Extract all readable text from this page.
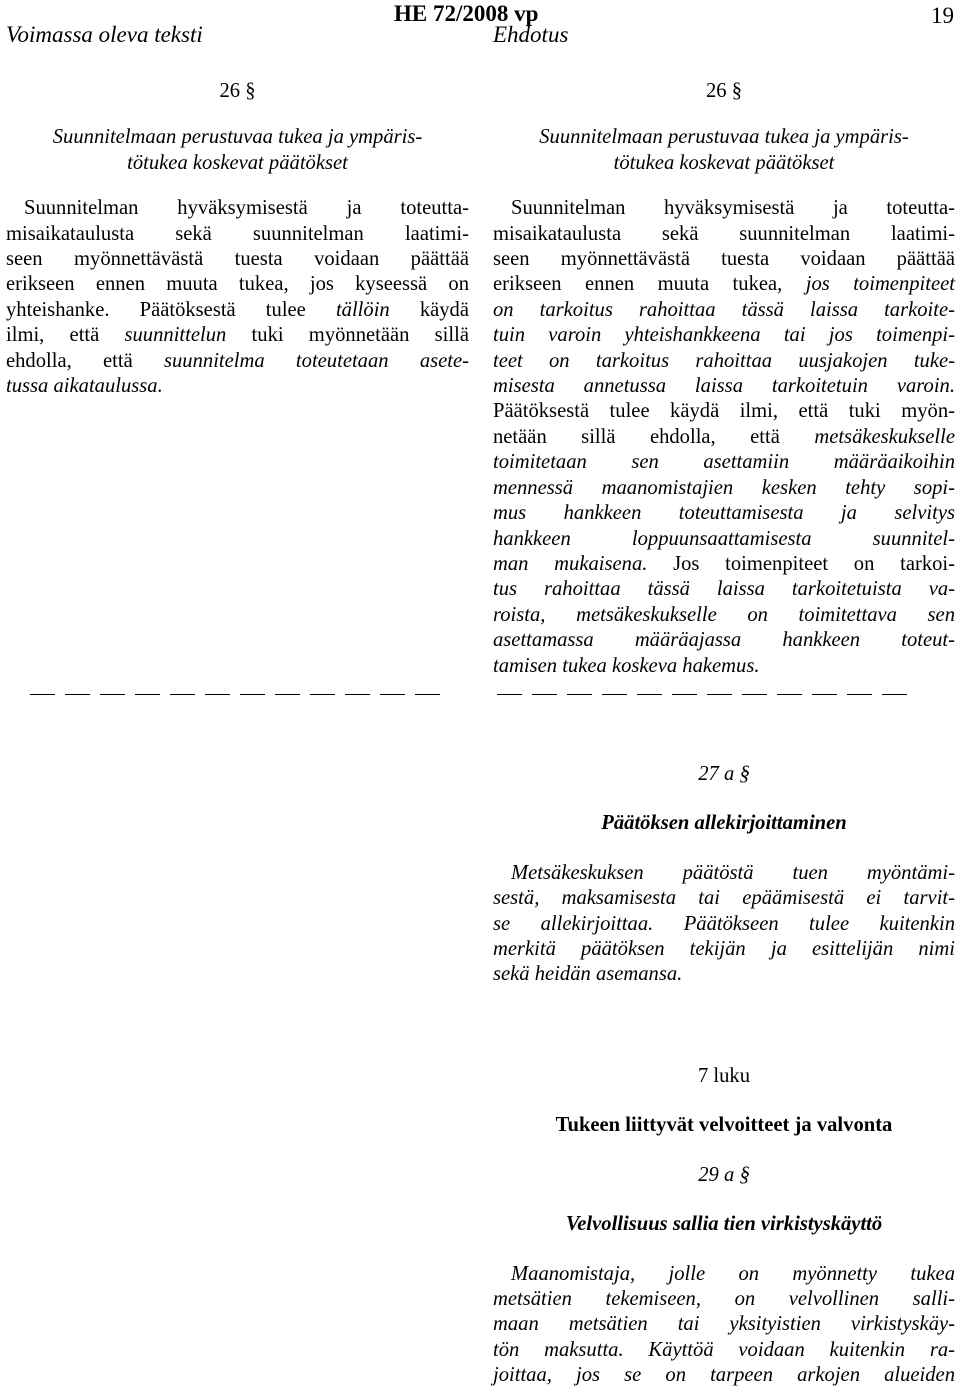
Voimassa oleva teksti
HE 72/2008 vp
Ehdotus
19
26 §
Suunnitelmaan perustuvaa tukea ja ympäris-
tötukea koskevat päätökset
Suunnitelman hyväksymisestä ja toteutta-
misaikataulusta sekä suunnitelman laatimi-
seen myönnettävästä tuesta voidaan päättää
erikseen ennen muuta tukea, jos kyseessä on
yhteishanke. Päätöksestä tulee tällöin käydä
ilmi, että suunnittelun tuki myönnetään sillä
ehdolla, että suunnitelma toteutetaan asete-
tussa aikataulussa.
26 §
Suunnitelmaan perustuvaa tukea ja ympäris-
tötukea koskevat päätökset
Suunnitelman hyväksymisestä ja toteutta-
misaikataulusta sekä suunnitelman laatimi-
seen myönnettävästä tuesta voidaan päättää
erikseen ennen muuta tukea, jos toimenpiteet
on tarkoitus rahoittaa tässä laissa tarkoite-
tuin varoin yhteishankkeena tai jos toimenpi-
teet on tarkoitus rahoittaa uusjakojen tuke-
misesta annetussa laissa tarkoitetuin varoin.
Päätöksestä tulee käydä ilmi, että tuki myön-
netään sillä ehdolla, että metsäkeskukselle
toimitetaan sen asettamiin määräaikoihin
mennessä maanomistajien kesken tehty sopi-
mus hankkeen toteuttamisesta ja selvitys
hankkeen loppuunsaattamisesta suunnitel-
man mukaisena. Jos toimenpiteet on tarkoi-
tus rahoittaa tässä laissa tarkoitetuista va-
roista, metsäkeskukselle on toimitettava sen
asettamassa määräajassa hankkeen toteut-
tamisen tukea koskeva hakemus.
27 a §
Päätöksen allekirjoittaminen
Metsäkeskuksen päätöstä tuen myöntämi-
sestä, maksamisesta tai epäämisestä ei tarvit-
se allekirjoittaa. Päätökseen tulee kuitenkin
merkitä päätöksen tekijän ja esittelijän nimi
sekä heidän asemansa.
7 luku
Tukeen liittyvät velvoitteet ja valvonta
29 a §
Velvollisuus sallia tien virkistyskäyttö
Maanomistaja, jolle on myönnetty tukea
metsätien tekemiseen, on velvollinen salli-
maan metsätien tai yksityistien virkistyskäy-
tön maksutta. Käyttöä voidaan kuitenkin ra-
joittaa, jos se on tarpeen arkojen alueiden
